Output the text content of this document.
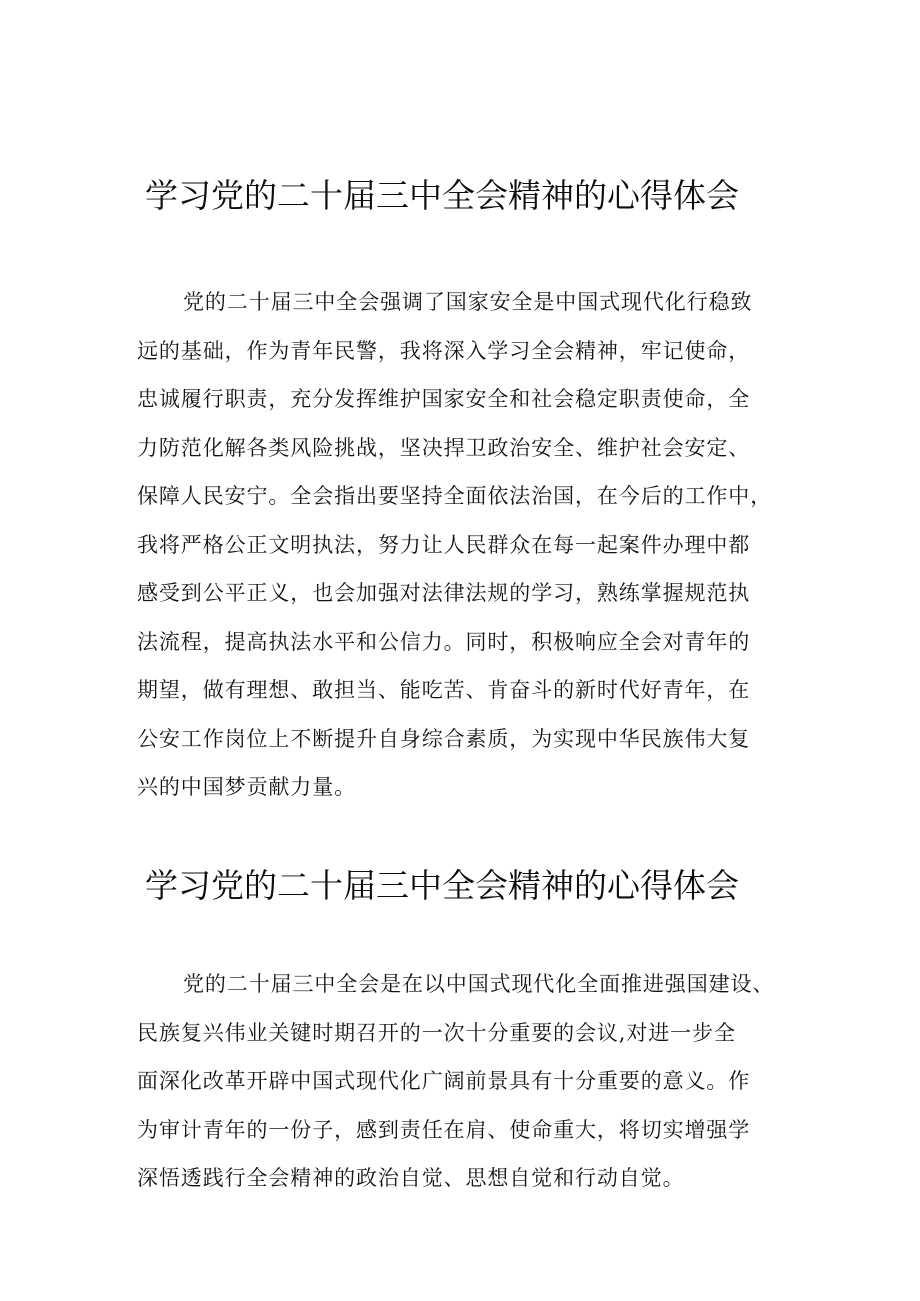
学习党的二十届三中全会精神的心得体会
党的二十届三中全会强调了国家安全是中国式现代化行稳致
远的基础，作为青年民警，我将深入学习全会精神，牢记使命，
忠诚履行职责，充分发挥维护国家安全和社会稳定职责使命，全
力防范化解各类风险挑战，坚决捍卫政治安全、维护社会安定、
保障人民安宁。全会指出要坚持全面依法治国，在今后的工作中，
我将严格公正文明执法，努力让人民群众在每一起案件办理中都
感受到公平正义，也会加强对法律法规的学习，熟练掌握规范执
法流程，提高执法水平和公信力。同时，积极响应全会对青年的
期望，做有理想、敢担当、能吃苦、肯奋斗的新时代好青年，在
公安工作岗位上不断提升自身综合素质，为实现中华民族伟大复
兴的中国梦贡献力量。
学习党的二十届三中全会精神的心得体会
党的二十届三中全会是在以中国式现代化全面推进强国建设、
民族复兴伟业关键时期召开的一次十分重要的会议,对进一步全
面深化改革开辟中国式现代化广阔前景具有十分重要的意义。作
为审计青年的一份子，感到责任在肩、使命重大，将切实增强学
深悟透践行全会精神的政治自觉、思想自觉和行动自觉。
